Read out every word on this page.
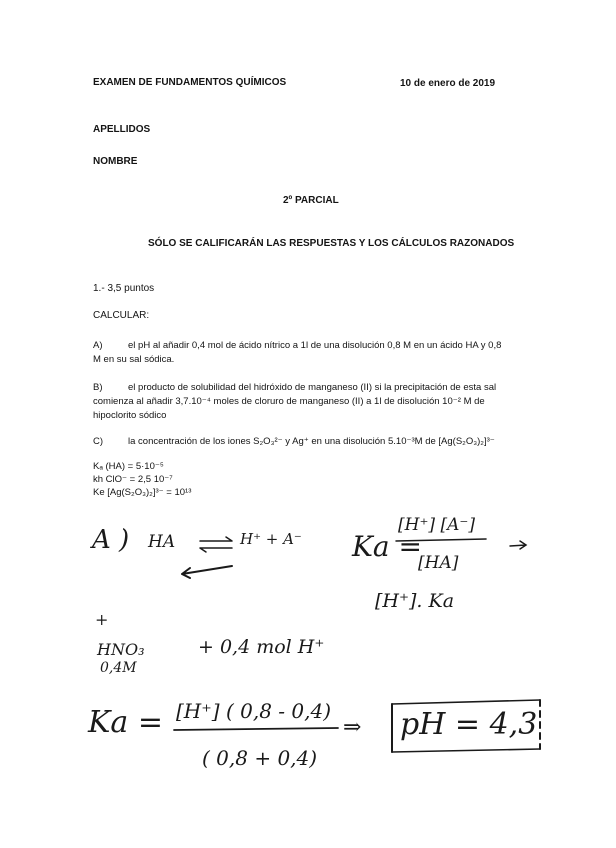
EXAMEN DE FUNDAMENTOS QUÍMICOS	10 de enero de 2019
APELLIDOS
NOMBRE
2º PARCIAL
SÓLO SE CALIFICARÁN LAS RESPUESTAS Y LOS CÁLCULOS RAZONADOS
1.- 3,5 puntos
CALCULAR:
A)	el pH al añadir 0,4 mol de ácido nítrico a 1l de una disolución 0,8 M en un ácido HA y 0,8
M en su sal sódica.
B)	el producto de solubilidad del hidróxido de manganeso (II) si la precipitación de esta sal
comienza al añadir 3,7.10⁻⁴ moles de cloruro de manganeso (II) a 1l de disolución 10⁻² M de
hipoclorito sódico
C)	la concentración de los iones S₂O₃²⁻ y Ag⁺ en una disolución 5.10⁻³M de [Ag(S₂O₃)₂]³⁻
Kₐ (HA) = 5·10⁻⁵
kh ClO⁻ = 2,5 10⁻⁷
Ke [Ag(S₂O₃)₂]³⁻ = 10¹³
A ) HA	H⁺ + A⁻ Ka =
[H⁺] [A⁻]
[HA]
[H⁺]. Ka
+
HNO₃
0,4M
+ 0,4 mol H⁺
Ka = [H⁺] ( 0,8 - 0,4)
( 0,8 + 0,4)
⇒ pH = 4,3
